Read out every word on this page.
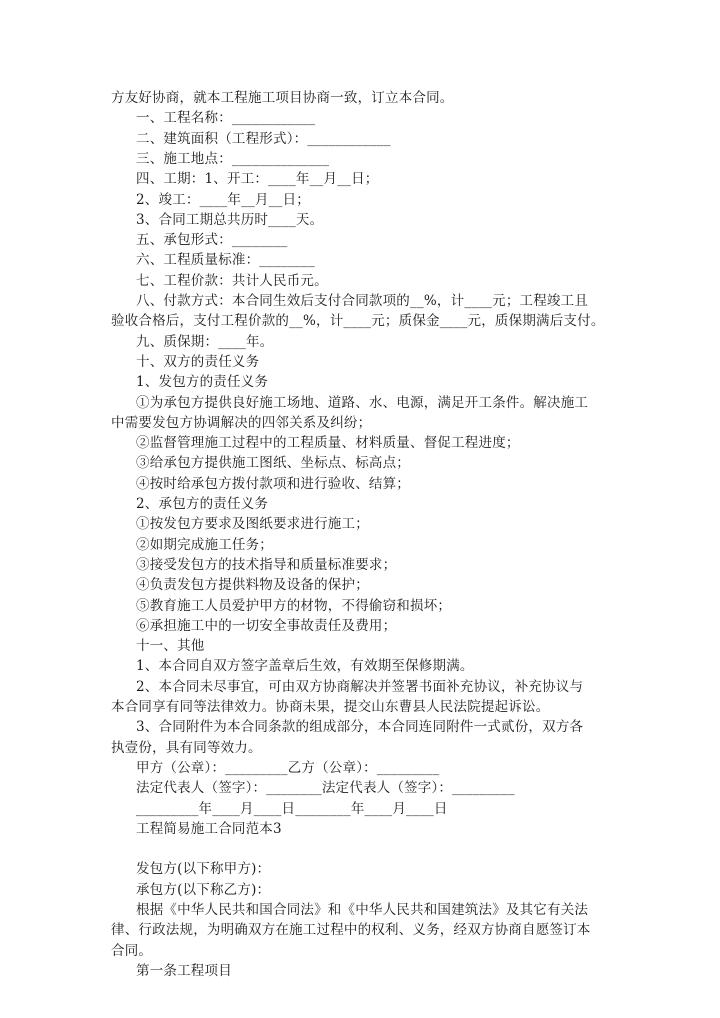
方友好协商，就本工程施工项目协商一致，订立本合同。
一、工程名称：____________
二、建筑面积（工程形式）：____________
三、施工地点：______________
四、工期：1、开工：____年__月__日；
2、竣工：____年__月__日；
3、合同工期总共历时____天。
五、承包形式：________
六、工程质量标准：________
七、工程价款：共计人民币元。
八、付款方式：本合同生效后支付合同款项的__%，计____元；工程竣工且
验收合格后，支付工程价款的__%，计____元；质保金____元，质保期满后支付。
九、质保期：____年。
十、双方的责任义务
1、发包方的责任义务
①为承包方提供良好施工场地、道路、水、电源，满足开工条件。解决施工
中需要发包方协调解决的四邻关系及纠纷；
②监督管理施工过程中的工程质量、材料质量、督促工程进度；
③给承包方提供施工图纸、坐标点、标高点；
④按时给承包方拨付款项和进行验收、结算；
2、承包方的责任义务
①按发包方要求及图纸要求进行施工；
②如期完成施工任务；
③接受发包方的技术指导和质量标准要求；
④负责发包方提供料物及设备的保护；
⑤教育施工人员爱护甲方的材物，不得偷窃和损坏；
⑥承担施工中的一切安全事故责任及费用；
十一、其他
1、本合同自双方签字盖章后生效，有效期至保修期满。
2、本合同未尽事宜，可由双方协商解决并签署书面补充协议，补充协议与
本合同享有同等法律效力。协商未果，提交山东曹县人民法院提起诉讼。
3、合同附件为本合同条款的组成部分，本合同连同附件一式贰份，双方各
执壹份，具有同等效力。
甲方（公章）：_________乙方（公章）：_________
法定代表人（签字）：________法定代表人（签字）：_________
_________年____月____日________年____月____日
工程简易施工合同范本3
发包方(以下称甲方)：
承包方(以下称乙方)：
根据《中华人民共和国合同法》和《中华人民共和国建筑法》及其它有关法
律、行政法规，为明确双方在施工过程中的权利、义务，经双方协商自愿签订本
合同。
第一条工程项目
